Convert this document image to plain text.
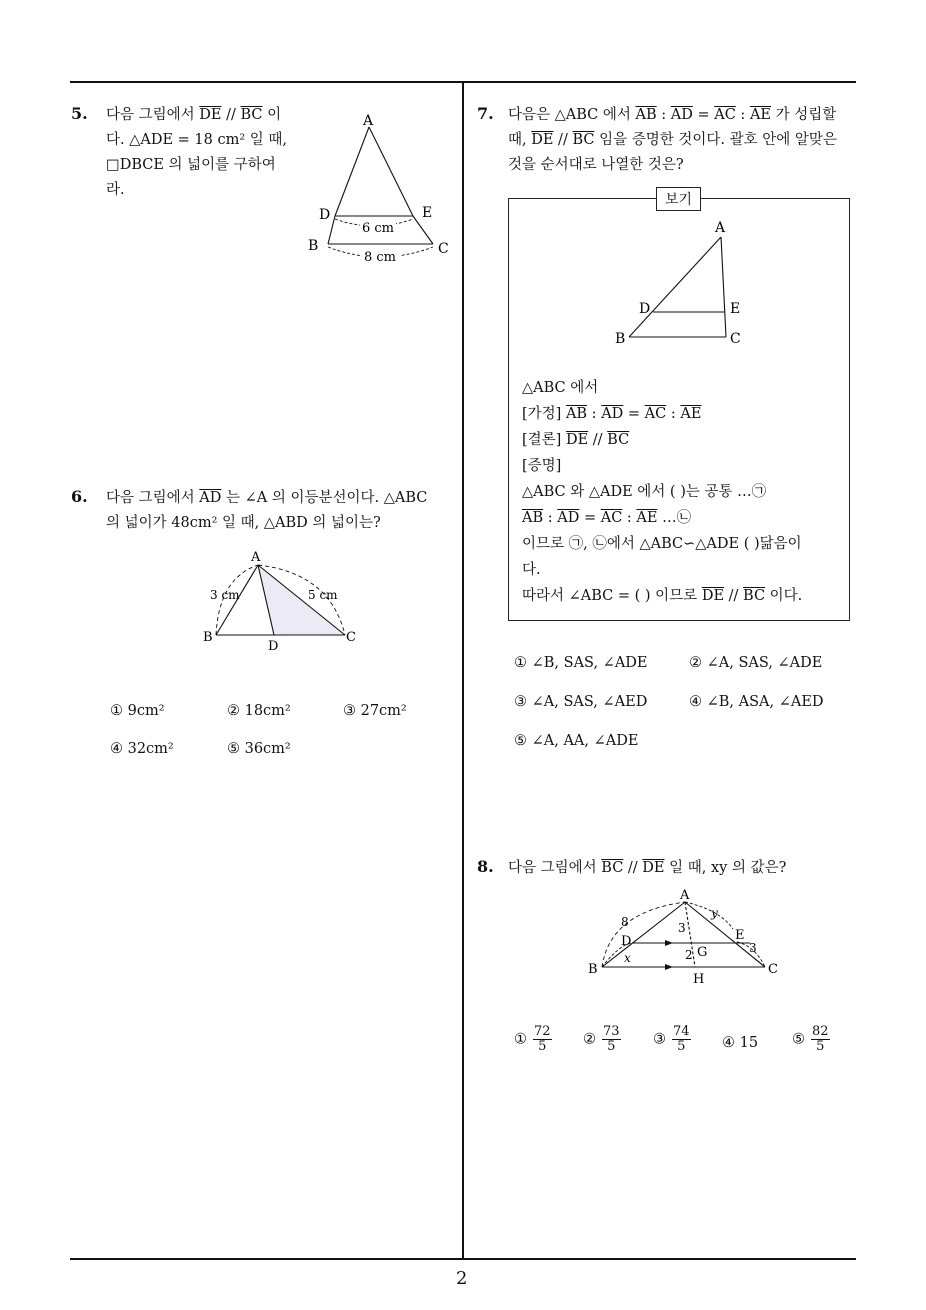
2
5. 다음 그림에서 $\overline{DE} // \overline{BC}$ 이
다. △ADE = 18 cm² 일 때,
□DBCE 의 넓이를 구하여
라.
A
D	E
B	C
6 cm
8 cm
6. 다음 그림에서 $\overline{AD}$ 는 ∠A 의 이등분선이다. △ABC
의 넓이가 48cm² 일 때, △ABD 의 넓이는?
A
B	C
D
3 cm	5 cm
① 9cm²	② 18cm²	③ 27cm²
④ 32cm²	⑤ 36cm²
7. 다음은 △ABC 에서 $\overline{AB}$ : $\overline{AD} = \overline{AC}$ : $\overline{AE}$ 가 성립할
때, $\overline{DE} // \overline{BC}$ 임을 증명한 것이다. 괄호 안에 알맞은
것을 순서대로 나열한 것은?
보기
A
D	E
B	C
△ABC 에서
[가정] $\overline{AB}$ : $\overline{AD} = \overline{AC}$ : $\overline{AE}$
[결론] $\overline{DE} // \overline{BC}$
[증명]
△ABC 와 △ADE 에서 ( )는 공통 …㉠
$\overline{AB}$ : $\overline{AD} = \overline{AC}$ : $\overline{AE}$ …㉡
이므로 ㉠, ㉡에서 △ABC∽△ADE ( )닮음이
다.
따라서 ∠ABC = ( ) 이므로 $\overline{DE} // \overline{BC}$ 이다.
① ∠B, SAS, ∠ADE	② ∠A, SAS, ∠ADE
③ ∠A, SAS, ∠AED	④ ∠B, ASA, ∠AED
⑤ ∠A, AA, ∠ADE
8. 다음 그림에서 $\overline{BC} // \overline{DE}$ 일 때, xy 의 값은?
A
D	E
B	C
G
H
8	3
3
2
x
y
① $\frac{72}{5}$ ② $\frac{73}{5}$ ③ $\frac{74}{5}$ ④ 15 ⑤ $\frac{82}{5}$
